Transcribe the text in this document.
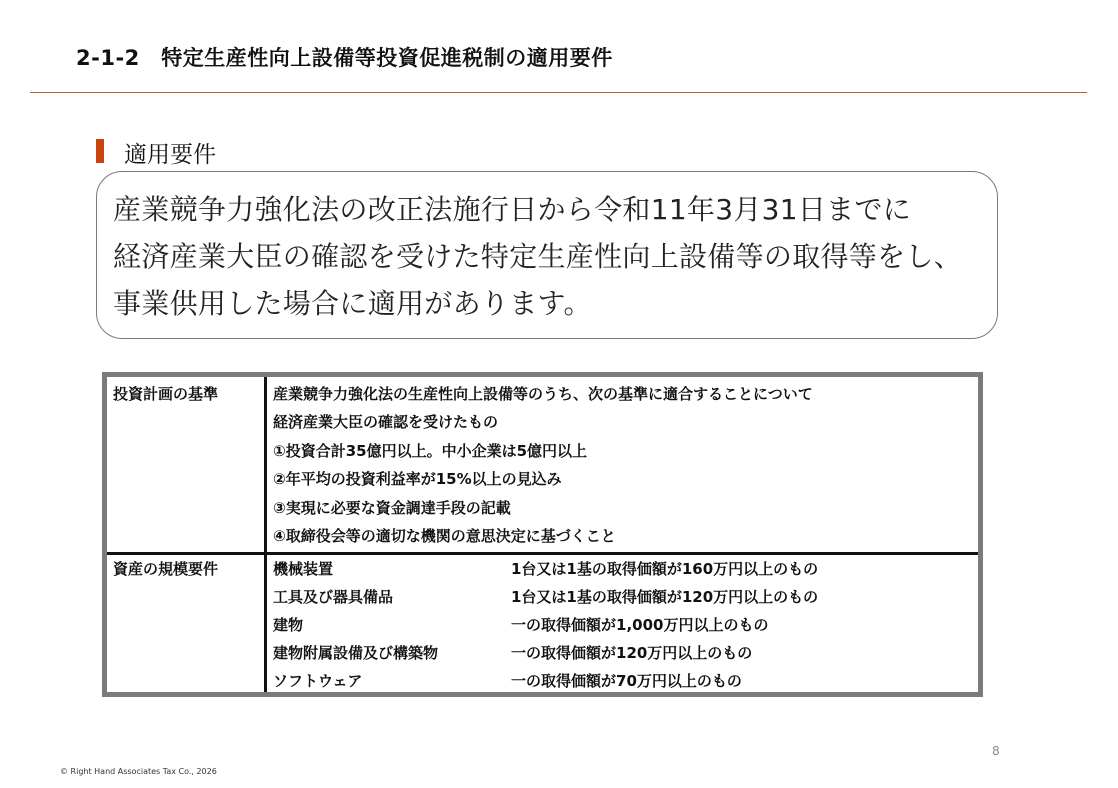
2-1-2　特定生産性向上設備等投資促進税制の適用要件
適用要件
産業競争力強化法の改正法施行日から令和11年3月31日までに
経済産業大臣の確認を受けた特定生産性向上設備等の取得等をし、
事業供用した場合に適用があります。
投資計画の基準	産業競争力強化法の生産性向上設備等のうち、次の基準に適合することについて
経済産業大臣の確認を受けたもの
①投資合計35億円以上。中小企業は5億円以上
②年平均の投資利益率が15%以上の見込み
③実現に必要な資金調達手段の記載
④取締役会等の適切な機関の意思決定に基づくこと
資産の規模要件	機械装置	1台又は1基の取得価額が160万円以上のもの
工具及び器具備品	1台又は1基の取得価額が120万円以上のもの
建物	一の取得価額が1,000万円以上のもの
建物附属設備及び構築物	一の取得価額が120万円以上のもの
ソフトウェア	一の取得価額が70万円以上のもの
8
© Right Hand Associates Tax Co., 2026
